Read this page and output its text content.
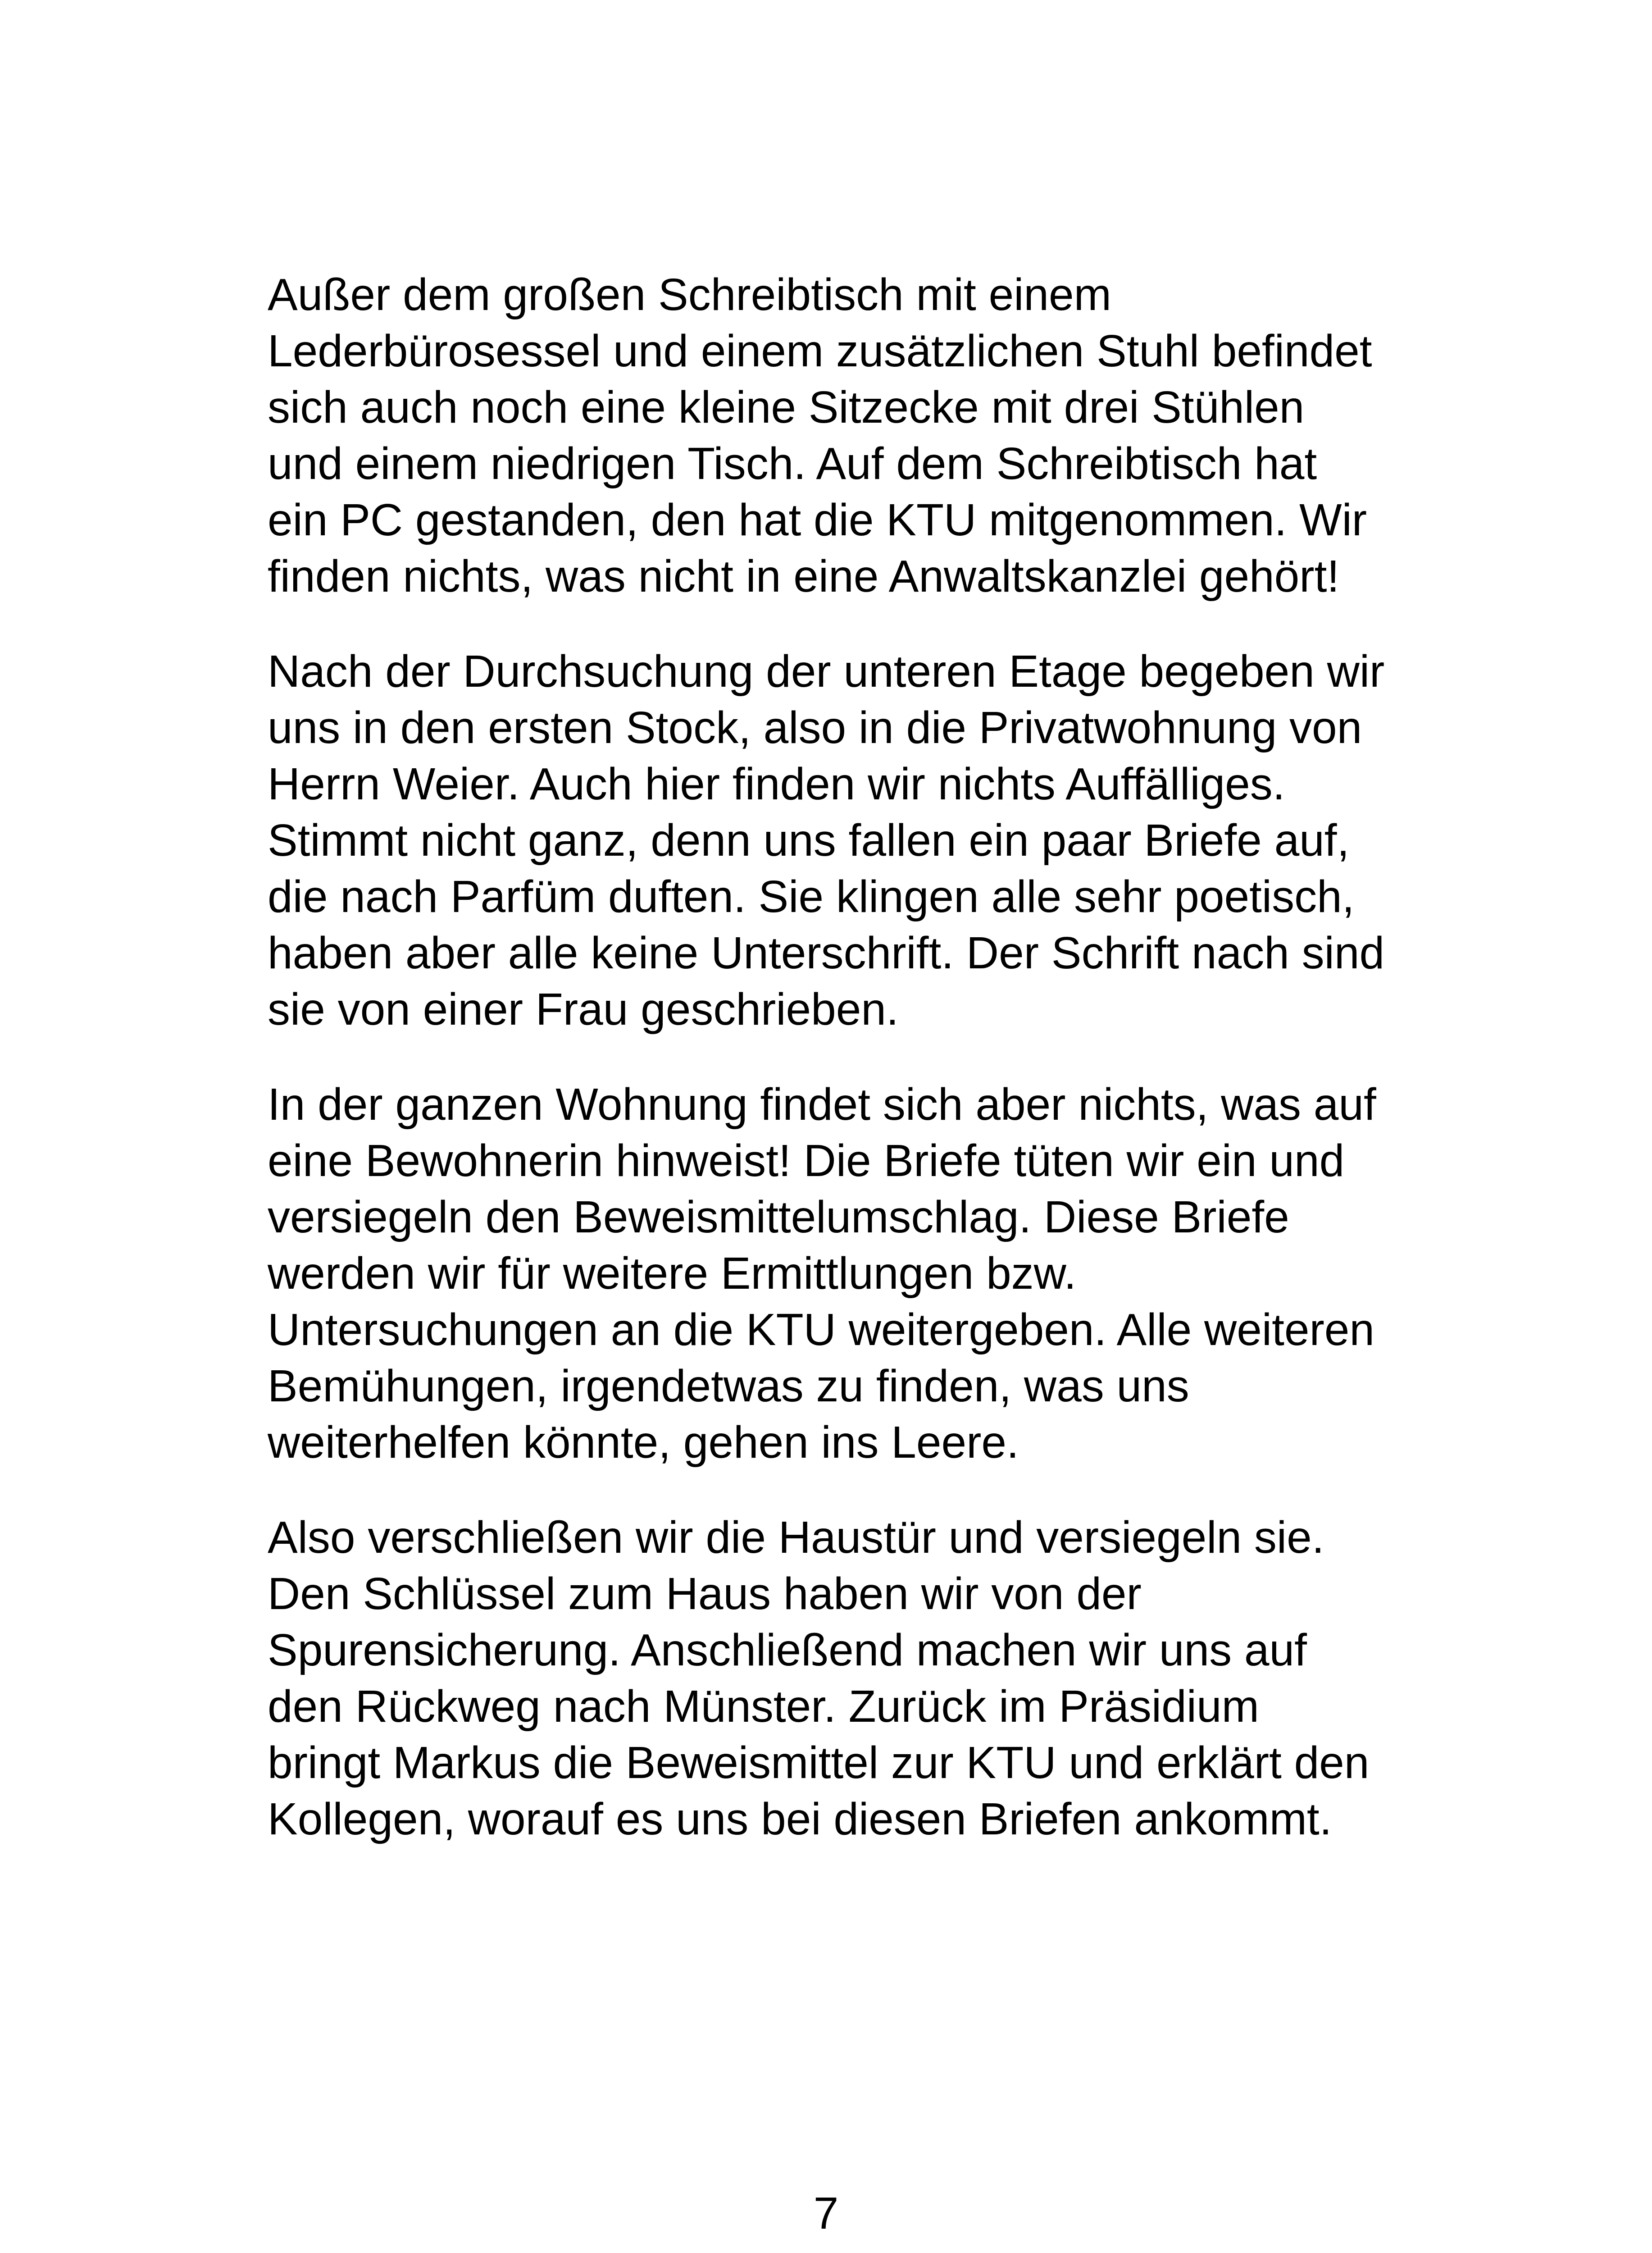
Außer dem großen Schreibtisch mit einem
Lederbürosessel und einem zusätzlichen Stuhl befindet
sich auch noch eine kleine Sitzecke mit drei Stühlen
und einem niedrigen Tisch. Auf dem Schreibtisch hat
ein PC gestanden, den hat die KTU mitgenommen. Wir
finden nichts, was nicht in eine Anwaltskanzlei gehört!

Nach der Durchsuchung der unteren Etage begeben wir
uns in den ersten Stock, also in die Privatwohnung von
Herrn Weier. Auch hier finden wir nichts Auffälliges.
Stimmt nicht ganz, denn uns fallen ein paar Briefe auf,
die nach Parfüm duften. Sie klingen alle sehr poetisch,
haben aber alle keine Unterschrift. Der Schrift nach sind
sie von einer Frau geschrieben.

In der ganzen Wohnung findet sich aber nichts, was auf
eine Bewohnerin hinweist! Die Briefe tüten wir ein und
versiegeln den Beweismittelumschlag. Diese Briefe
werden wir für weitere Ermittlungen bzw.
Untersuchungen an die KTU weitergeben. Alle weiteren
Bemühungen, irgendetwas zu finden, was uns
weiterhelfen könnte, gehen ins Leere.

Also verschließen wir die Haustür und versiegeln sie.
Den Schlüssel zum Haus haben wir von der
Spurensicherung. Anschließend machen wir uns auf
den Rückweg nach Münster. Zurück im Präsidium
bringt Markus die Beweismittel zur KTU und erklärt den
Kollegen, worauf es uns bei diesen Briefen ankommt.

7
